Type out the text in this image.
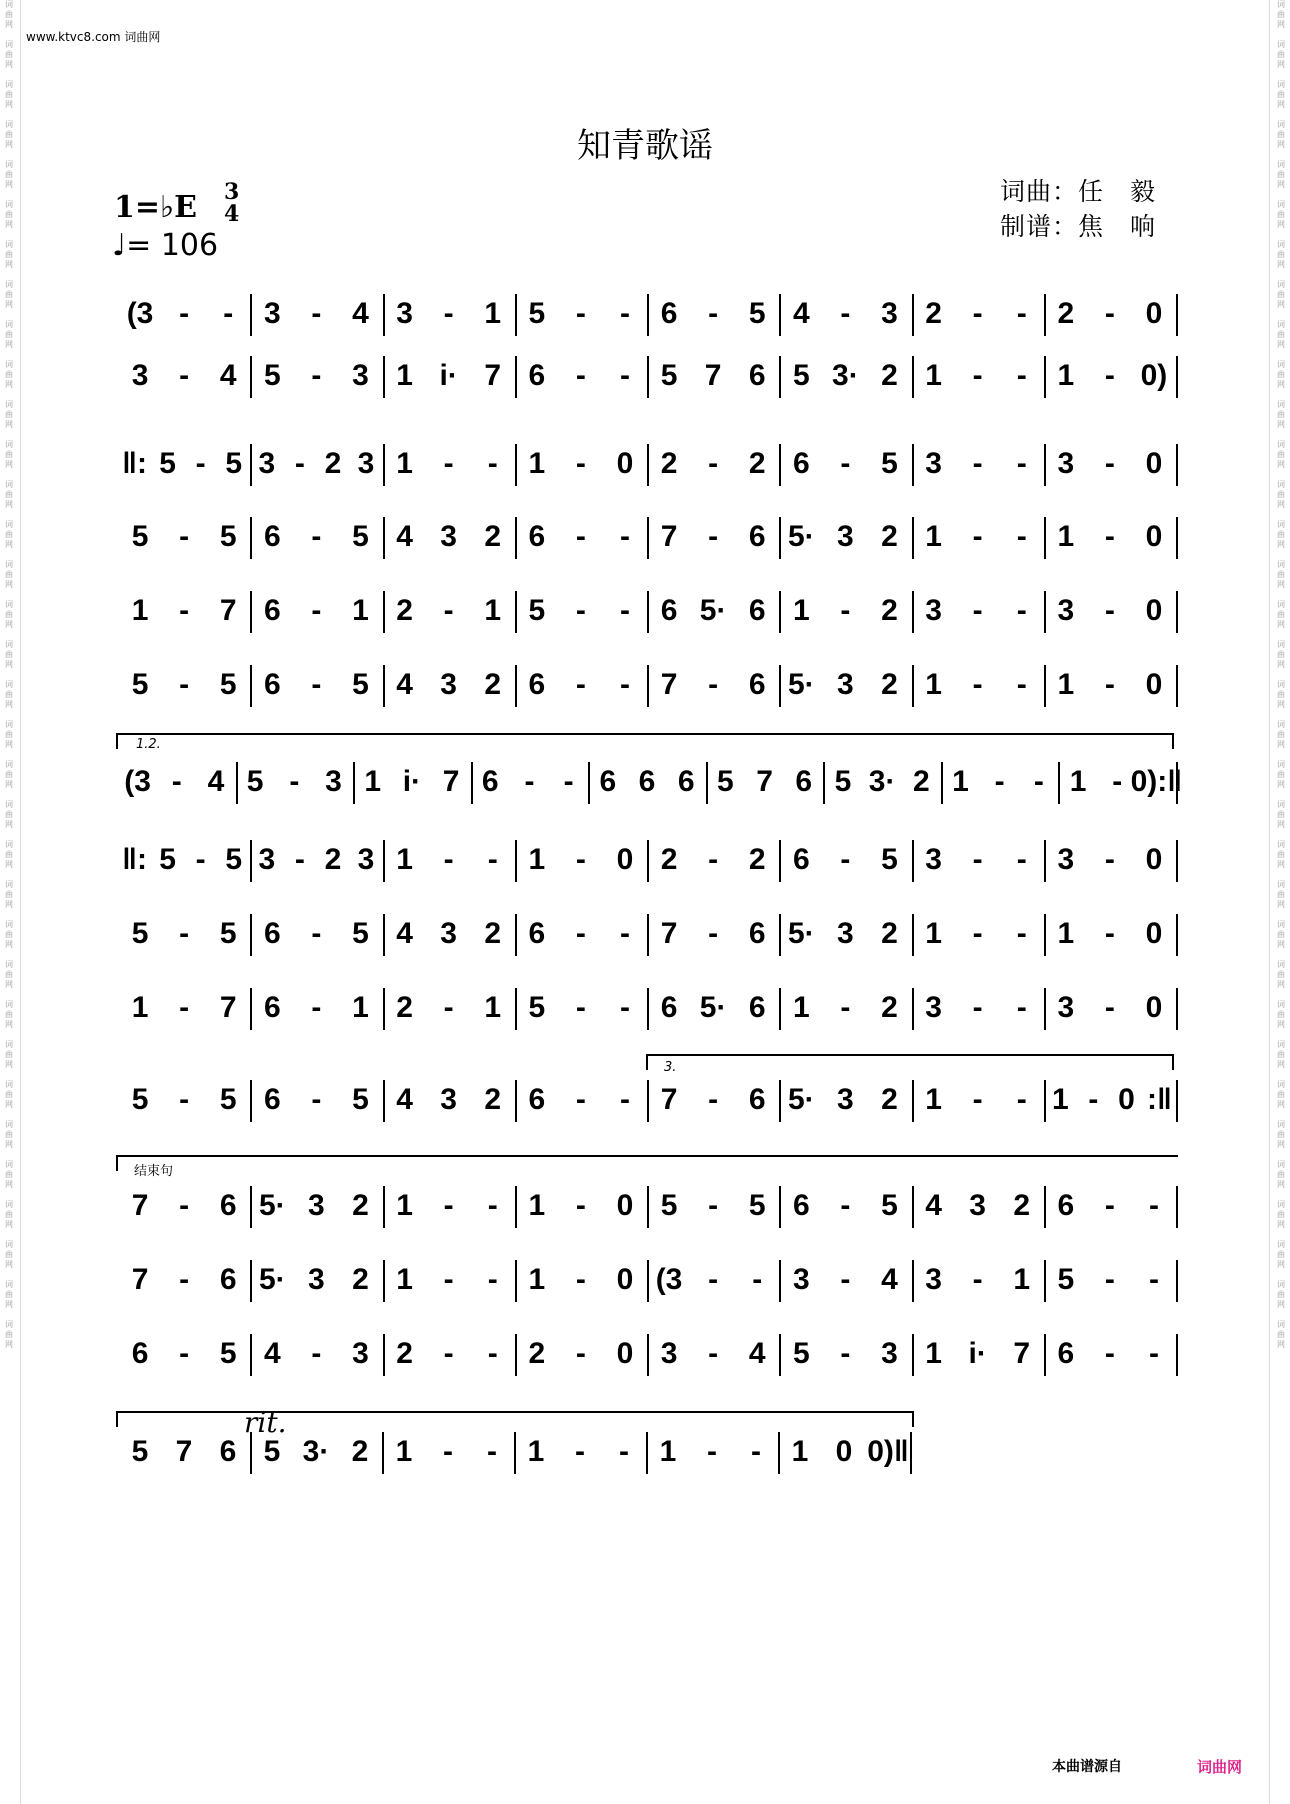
词
曲
网

词
曲
网

词
曲
网

词
曲
网

词
曲
网

词
曲
网

词
曲
网

词
曲
网

词
曲
网

词
曲
网

词
曲
网

词
曲
网

词
曲
网

词
曲
网

词
曲
网

词
曲
网

词
曲
网

词
曲
网

词
曲
网

词
曲
网

词
曲
网

词
曲
网

词
曲
网

词
曲
网

词
曲
网

词
曲
网

词
曲
网

词
曲
网

词
曲
网

词
曲
网

词
曲
网

词
曲
网

词
曲
网

词
曲
网

词
曲
网

词
曲
网

词
曲
网

词
曲
网

词
曲
网

词
曲
网

词
曲
网

词
曲
网

词
曲
网

词
曲
网

词
曲
网

词
曲
网

词
曲
网

词
曲
网

词
曲
网

词
曲
网

词
曲
网

词
曲
网

词
曲
网

词
曲
网

词
曲
网

词
曲
网

词
曲
网

词
曲
网

词
曲
网

词
曲
网

词
曲
网

词
曲
网

词
曲
网

词
曲
网

词
曲
网

词
曲
网

词
曲
网

词
曲
网

www.ktvc8.com 词曲网
知青歌谣
1=♭E 3
4
♩= 106
词曲：任　毅
制谱：焦　响
(3 - - 3 - 4 3 - 1 5 - - 6 - 5 4 - 3 2 - - 2 - 0
3 - 4 5 - 3 1 i· 7 6 - - 5 7 6 5 3· 2 1 - - 1 - 0)
‖: 5 - 5 3 - 2 3 1 - - 1 - 0 2 - 2 6 - 5 3 - - 3 - 0
5 - 5 6 - 5 4 3 2 6 - - 7 - 6 5· 3 2 1 - - 1 - 0
1 - 7 6 - 1 2 - 1 5 - - 6 5· 6 1 - 2 3 - - 3 - 0
5 - 5 6 - 5 4 3 2 6 - - 7 - 6 5· 3 2 1 - - 1 - 0
(3 - 4 5 - 3 1 i· 7 6 - - 6 6 6 5 7 6 5 3· 2 1 - - 1 - 0):‖
‖: 5 - 5 3 - 2 3 1 - - 1 - 0 2 - 2 6 - 5 3 - - 3 - 0
5 - 5 6 - 5 4 3 2 6 - - 7 - 6 5· 3 2 1 - - 1 - 0
1 - 7 6 - 1 2 - 1 5 - - 6 5· 6 1 - 2 3 - - 3 - 0
5 - 5 6 - 5 4 3 2 6 - - 7 - 6 5· 3 2 1 - - 1 - 0 :‖
7 - 6 5· 3 2 1 - - 1 - 0 5 - 5 6 - 5 4 3 2 6 - -
7 - 6 5· 3 2 1 - - 1 - 0 (3 - - 3 - 4 3 - 1 5 - -
6 - 5 4 - 3 2 - - 2 - 0 3 - 4 5 - 3 1 i· 7 6 - -
5 7 6 5 3· 2 1 - - 1 - - 1 - - 1 0 0)‖
1.2.
3.
结束句
rit.
本曲谱源自	词曲网
